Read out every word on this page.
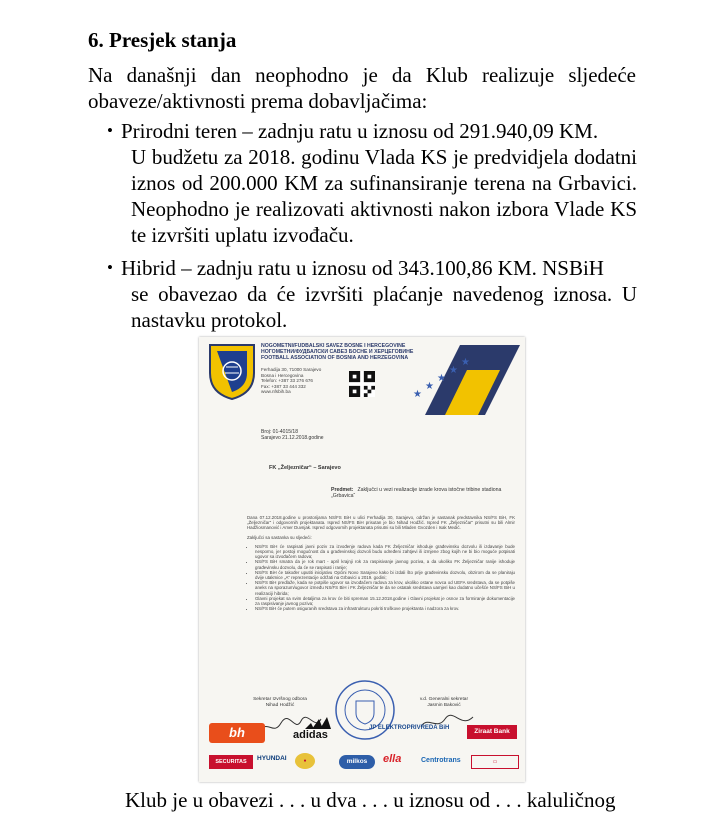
6. Presjek stanja

Na današnji dan neophodno je da Klub realizuje sljedeće obaveze/aktivnosti prema dobavljačima:

• Prirodni teren – zadnju ratu u iznosu od 291.940,09 KM.
U budžetu za 2018. godinu Vlada KS je predvidjela dodatni iznos od 200.000 KM za sufinansiranje terena na Grbavici. Neophodno je realizovati aktivnosti nakon izbora Vlade KS te izvršiti uplatu izvođaču.
• Hibrid – zadnju ratu u iznosu od 343.100,86 KM. NSBiH
se obavezao da će izvršiti plaćanje navedenog iznosa. U nastavku protokol.
NOGOMETNI/FUDBALSKI SAVEZ BOSNE I HERCEGOVINE
НОГОМЕТНИ/ФУДБАЛСКИ САВЕЗ БОСНЕ И ХЕРЦЕГОВИНЕ
FOOTBALL ASSOCIATION OF BOSNIA AND HERZEGOVINA
Ferhadija 30, 71000 Sarajevo
Bosna i Hercegovina
Telefon: +387 33 276 676
Fax: +387 33 444 332
www.nfsbih.ba	★
★
★
★
★
Broj: 01-4015/18
Sarajevo 21.12.2018.godine
FK „Željezničar“ – Sarajevo
Predmet: Zaključci u vezi realizacije izrade krova istočne tribine stadiona „Grbavica“

Dana 07.12.2018.godine u prostorijama NS/FS BiH u ulici Ferhadija 30, Sarajevo, održan je sastanak predstavnika NS/FS BiH, FK „Željezničar“ i odgovornih projektanata. Ispred NS/FS BiH prisutan je bio Nihad Hodžić. Ispred FK „Željezničar“ prisutni su bili Almir Hadžiosmanović i Amer Duvnjak. Ispred odgovornih projektanata prisutni su bili Mladen Gvozden i Isak Medić.

Zaključci sa sastanka su sljedeći:

• NS/FS BiH će raspisati javni poziv za izvođenje radova kada FK Željezničar ishoduje građevinsku dozvolu ili izdavanje bude nesporno, jer postoji mogućnost da u građevinskoj dozvoli budu određeni zahtjevi ili izmjene zbog kojih ne bi bio moguće potpisati ugovor sa izvođačem radova;
• NS/FS BiH smatra da je rok mart - april krajnji rok za raspisivanje javnog poziva, a da ukoliko FK Željezničar ranije ishoduje građevinsku dozvolu, da će se raspisati i ranije;
• NS/FS BiH će također uputiti inicijativu Općini Novo Sarajevo kako bi izdali što prije građevinsku dozvolu, obzirom da se planiraju dvije utakmice „A“ reprezentacije održati na Grbavici u 2019. godini;
• NS/FS BiH predlaže, kada se potpiše ugovor sa izvođačem radova za krov, ukoliko ostane novca od UEFA sredstava, da se potpiše aneks na sporazum/ugovor između NS/FS BiH i FK Željezničar te da se ostatak sredstava uamjeri kao dodatno učešće NS/FS BiH u realizaciji hibrida;
• Glavni projekat sa svim detaljima za krov će biti spreman 15.12.2018.godine i Glavni projekat je osnov za formiranje dokumentacije za raspisivanje javnog poziva;
• NS/FS BiH će putem osiguranih sredstava za infrastrukturu pokriti troškove projektanta i nadzora za krov.
Sekretar Izvršnog odbora
Nihad Hodžić
v.d. Generalni sekretar
Jasmin Baković
bh	adidas
JP ELEKTROPRIVREDA BiH	Ziraat Bank
SECURITAS	HYUNDAI	●	milkos	ella	Centrotrans	▭
Klub je u obavezi . . . u dva . . . u iznosu od . . . kaluličnog
